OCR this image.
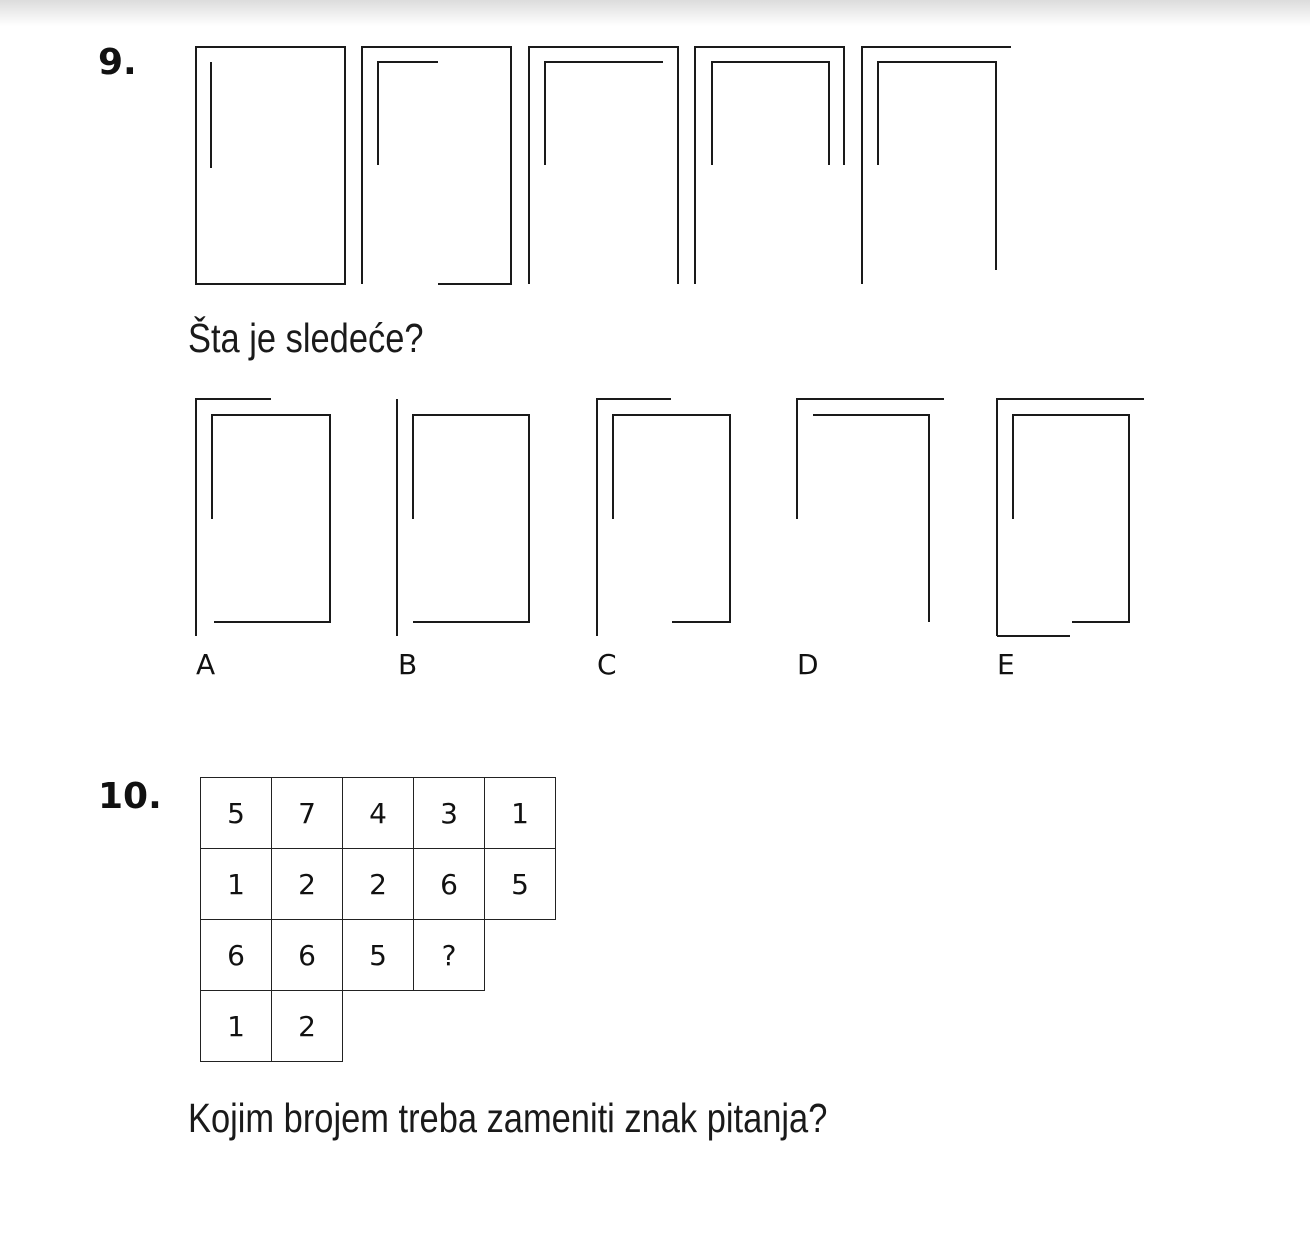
9.
Šta je sledeće?
A	B	C	D	E
10.	5	7	4	3	1
1	2	2	6	5
6	6	5	?
1	2
Kojim brojem treba zameniti znak pitanja?
